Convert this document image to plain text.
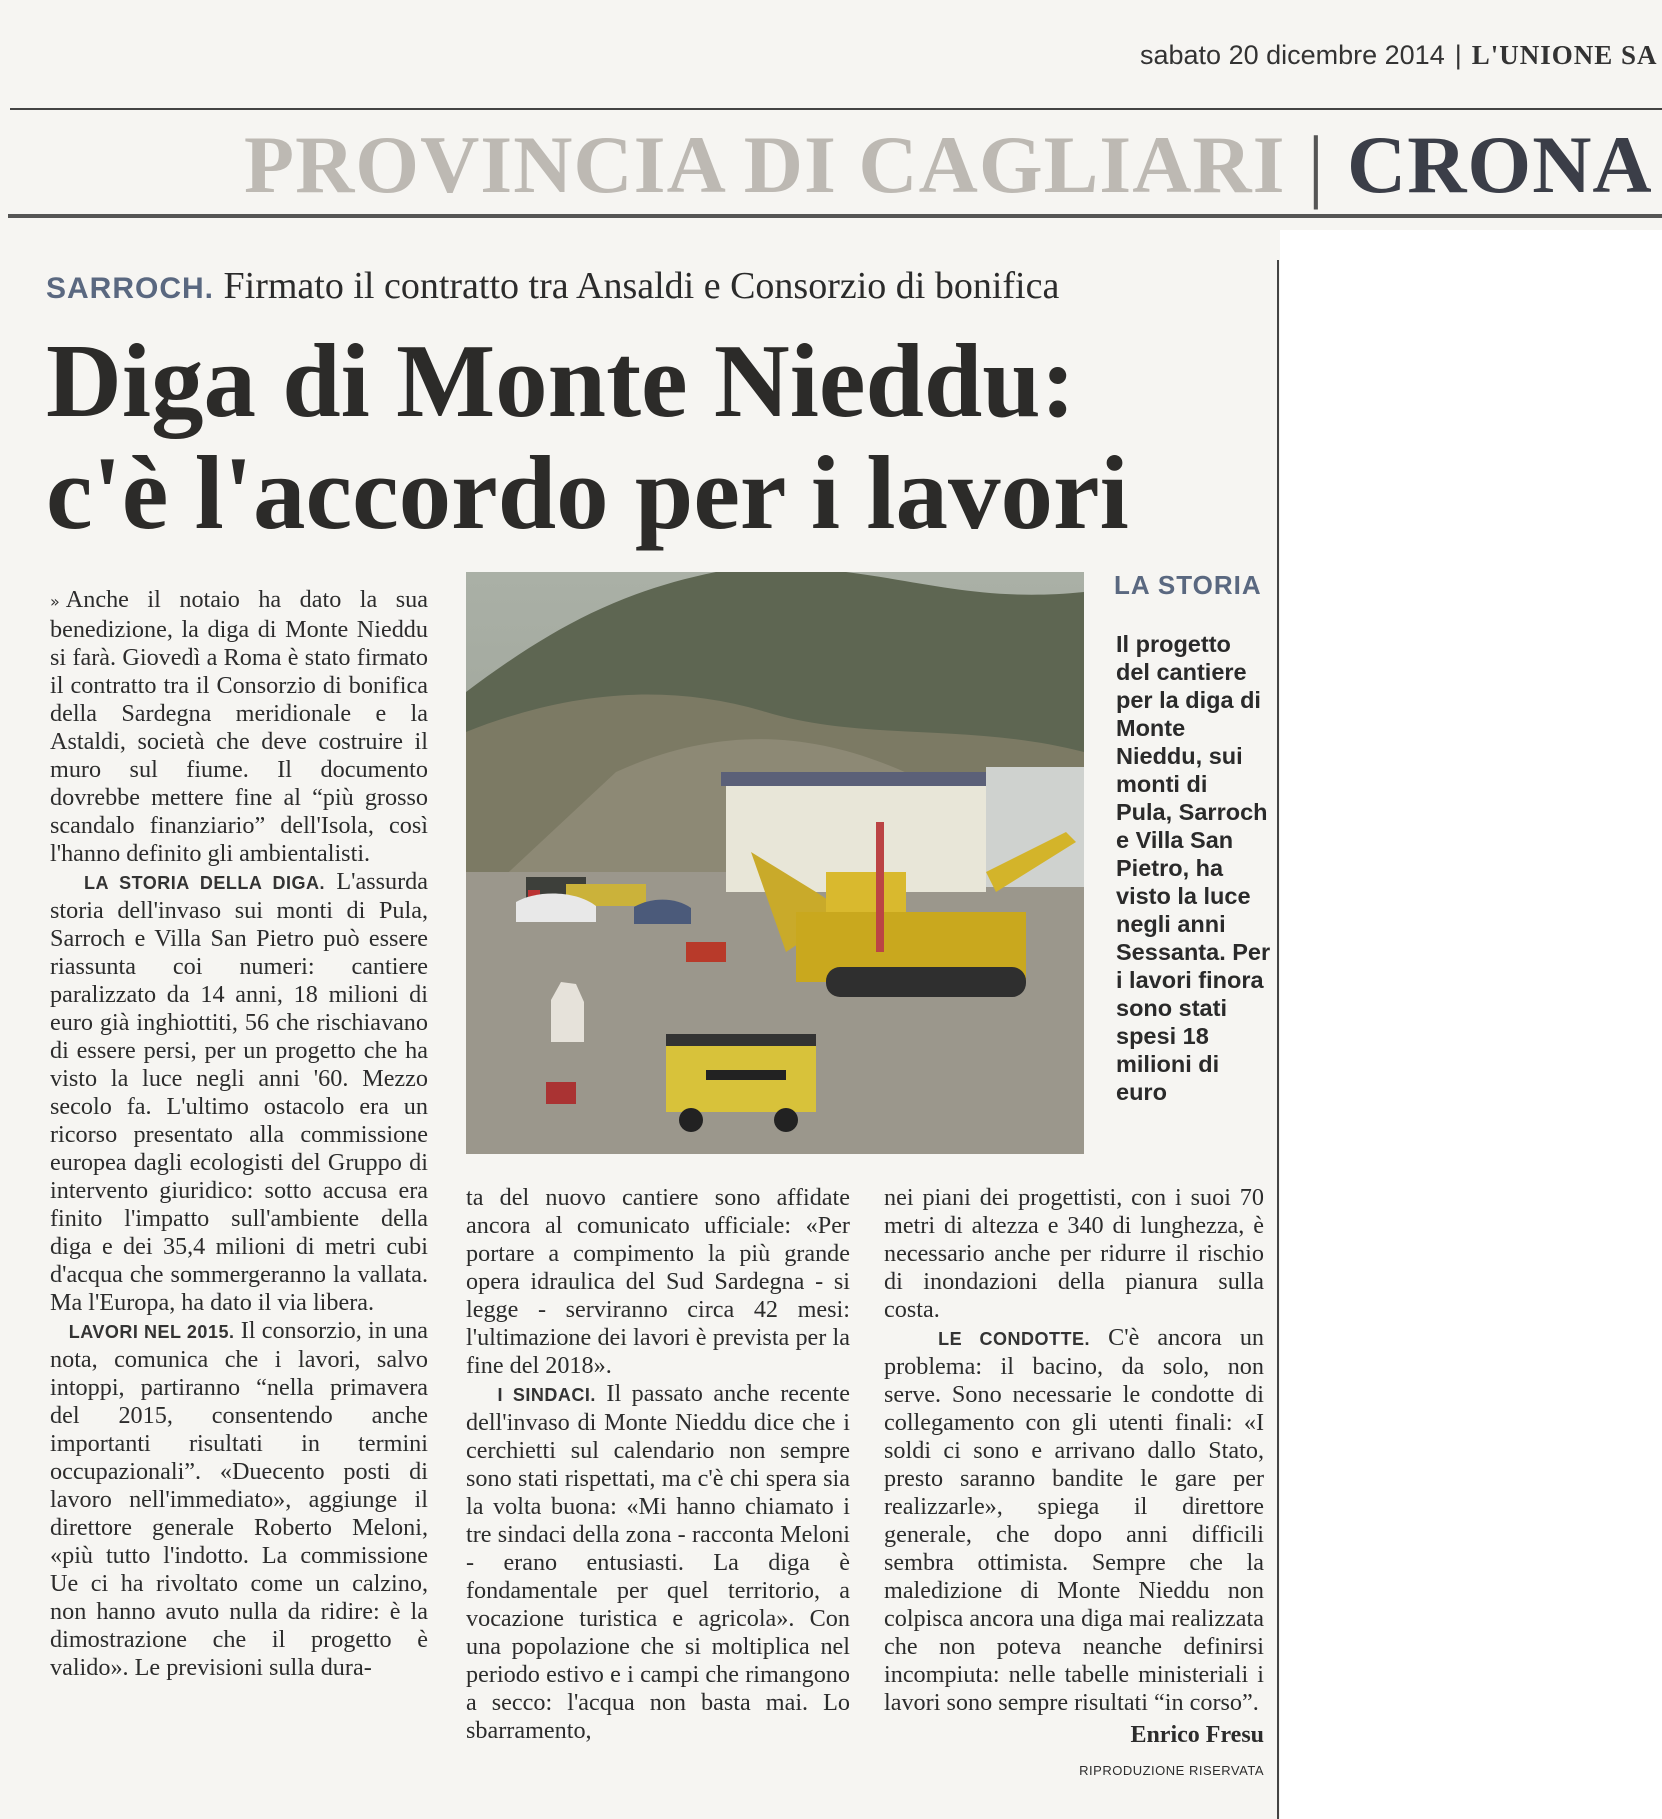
sabato 20 dicembre 2014 | L'UNIONE SA
PROVINCIA DI CAGLIARI | CRONA
SARROCH. Firmato il contratto tra Ansaldi e Consorzio di bonifica
Diga di Monte Nieddu:
c'è l'accordo per i lavori

» Anche il notaio ha dato la sua benedizione, la diga di Monte Nieddu si farà. Giovedì a Roma è stato firmato il contratto tra il Consorzio di bonifica della Sardegna meridionale e la Astaldi, società che deve costruire il muro sul fiume. Il documento dovrebbe mettere fine al “più grosso scandalo finanziario” dell'Isola, così l'hanno definito gli ambientalisti.

LA STORIA DELLA DIGA. L'assurda storia dell'invaso sui monti di Pula, Sarroch e Villa San Pietro può essere riassunta coi numeri: cantiere paralizzato da 14 anni, 18 milioni di euro già inghiottiti, 56 che rischiavano di essere persi, per un progetto che ha visto la luce negli anni '60. Mezzo secolo fa. L'ultimo ostacolo era un ricorso presentato alla commissione europea dagli ecologisti del Gruppo di intervento giuridico: sotto accusa era finito l'impatto sull'ambiente della diga e dei 35,4 milioni di metri cubi d'acqua che sommergeranno la vallata. Ma l'Europa, ha dato il via libera.

LAVORI NEL 2015. Il consorzio, in una nota, comunica che i lavori, salvo intoppi, partiranno “nella primavera del 2015, consentendo anche importanti risultati in termini occupazionali”. «Duecento posti di lavoro nell'immediato», aggiunge il direttore generale Roberto Meloni, «più tutto l'indotto. La commissione Ue ci ha rivoltato come un calzino, non hanno avuto nulla da ridire: è la dimostrazione che il progetto è valido». Le previsioni sulla dura-

LA STORIA
Il progetto
del cantiere
per la diga di
Monte
Nieddu, sui
monti di
Pula, Sarroch
e Villa San
Pietro, ha
visto la luce
negli anni
Sessanta. Per
i lavori finora
sono stati
spesi 18
milioni di
euro

ta del nuovo cantiere sono affidate ancora al comunicato ufficiale: «Per portare a compimento la più grande opera idraulica del Sud Sardegna - si legge - serviranno circa 42 mesi: l'ultimazione dei lavori è prevista per la fine del 2018».

I SINDACI. Il passato anche recente dell'invaso di Monte Nieddu dice che i cerchietti sul calendario non sempre sono stati rispettati, ma c'è chi spera sia la volta buona: «Mi hanno chiamato i tre sindaci della zona - racconta Meloni - erano entusiasti. La diga è fondamentale per quel territorio, a vocazione turistica e agricola». Con una popolazione che si moltiplica nel periodo estivo e i campi che rimangono a secco: l'acqua non basta mai. Lo sbarramento,

nei piani dei progettisti, con i suoi 70 metri di altezza e 340 di lunghezza, è necessario anche per ridurre il rischio di inondazioni della pianura sulla costa.

LE CONDOTTE. C'è ancora un problema: il bacino, da solo, non serve. Sono necessarie le condotte di collegamento con gli utenti finali: «I soldi ci sono e arrivano dallo Stato, presto saranno bandite le gare per realizzarle», spiega il direttore generale, che dopo anni difficili sembra ottimista. Sempre che la maledizione di Monte Nieddu non colpisca ancora una diga mai realizzata che non poteva neanche definirsi incompiuta: nelle tabelle ministeriali i lavori sono sempre risultati “in corso”.

Enrico Fresu

RIPRODUZIONE RISERVATA
